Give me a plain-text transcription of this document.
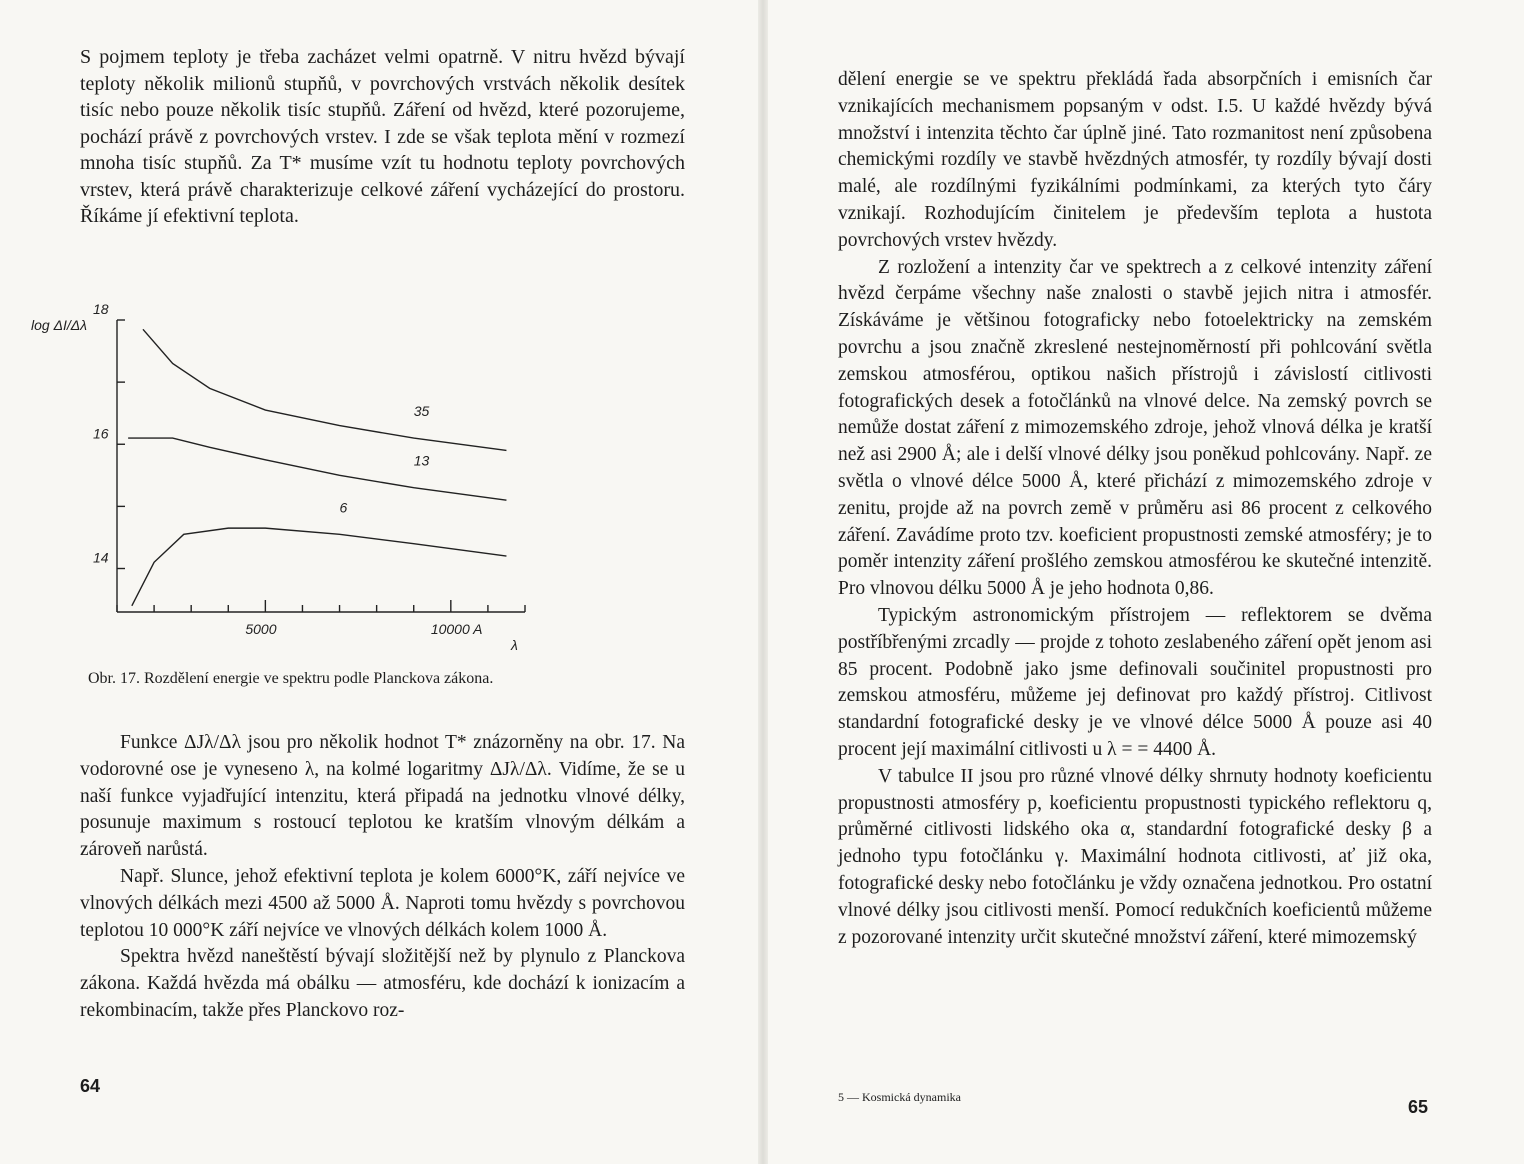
S pojmem teploty je třeba zacházet velmi opatrně. V nitru hvězd bývají teploty několik milionů stupňů, v povrchových vrstvách několik desítek tisíc nebo pouze několik tisíc stupňů. Záření od hvězd, které pozorujeme, pochází právě z povrchových vrstev. I zde se však teplota mění v rozmezí mnoha tisíc stupňů. Za T* musíme vzít tu hodnotu teploty povrchových vrstev, která právě charakterizuje celkové záření vycházející do prostoru. Říkáme jí efektivní teplota.

18
16
14
5000	10000 A
log ΔI/Δλ
λ
35
13
6
Obr. 17. Rozdělení energie ve spektru podle Planckova zákona.

Funkce ΔJλ/Δλ jsou pro několik hodnot T* znázorněny na obr. 17. Na vodorovné ose je vyneseno λ, na kolmé logaritmy ΔJλ/Δλ. Vidíme, že se u naší funkce vyjadřující intenzitu, která připadá na jednotku vlnové délky, posunuje maximum s rostoucí teplotou ke kratším vlnovým délkám a zároveň narůstá.

Např. Slunce, jehož efektivní teplota je kolem 6000°K, září nejvíce ve vlnových délkách mezi 4500 až 5000 Å. Naproti tomu hvězdy s povrchovou teplotou 10 000°K září nejvíce ve vlnových délkách kolem 1000 Å.

Spektra hvězd naneštěstí bývají složitější než by plynulo z Planckova zákona. Každá hvězda má obálku — atmosféru, kde dochází k ionizacím a rekombinacím, takže přes Planckovo roz-

64

dělení energie se ve spektru překládá řada absorpčních i emisních čar vznikajících mechanismem popsaným v odst. I.5. U každé hvězdy bývá množství i intenzita těchto čar úplně jiné. Tato rozmanitost není způsobena chemickými rozdíly ve stavbě hvězdných atmosfér, ty rozdíly bývají dosti malé, ale rozdílnými fyzikálními podmínkami, za kterých tyto čáry vznikají. Rozhodujícím činitelem je především teplota a hustota povrchových vrstev hvězdy.

Z rozložení a intenzity čar ve spektrech a z celkové intenzity záření hvězd čerpáme všechny naše znalosti o stavbě jejich nitra i atmosfér. Získáváme je většinou fotograficky nebo fotoelektricky na zemském povrchu a jsou značně zkreslené nestejnoměrností při pohlcování světla zemskou atmosférou, optikou našich přístrojů i závislostí citlivosti fotografických desek a fotočlánků na vlnové delce. Na zemský povrch se nemůže dostat záření z mimozemského zdroje, jehož vlnová délka je kratší než asi 2900 Å; ale i delší vlnové délky jsou poněkud pohlcovány. Např. ze světla o vlnové délce 5000 Å, které přichází z mimozemského zdroje v zenitu, projde až na povrch země v průměru asi 86 procent z celkového záření. Zavádíme proto tzv. koeficient propustnosti zemské atmosféry; je to poměr intenzity záření prošlého zemskou atmosférou ke skutečné intenzitě. Pro vlnovou délku 5000 Å je jeho hodnota 0,86.

Typickým astronomickým přístrojem — reflektorem se dvěma postříbřenými zrcadly — projde z tohoto zeslabeného záření opět jenom asi 85 procent. Podobně jako jsme definovali součinitel propustnosti pro zemskou atmosféru, můžeme jej definovat pro každý přístroj. Citlivost standardní fotografické desky je ve vlnové délce 5000 Å pouze asi 40 procent její maximální citlivosti u λ = = 4400 Å.

V tabulce II jsou pro různé vlnové délky shrnuty hodnoty koeficientu propustnosti atmosféry p, koeficientu propustnosti typického reflektoru q, průměrné citlivosti lidského oka α, standardní fotografické desky β a jednoho typu fotočlánku γ. Maximální hodnota citlivosti, ať již oka, fotografické desky nebo fotočlánku je vždy označena jednotkou. Pro ostatní vlnové délky jsou citlivosti menší. Pomocí redukčních koeficientů můžeme z pozorované intenzity určit skutečné množství záření, které mimozemský

5 — Kosmická dynamika	65
